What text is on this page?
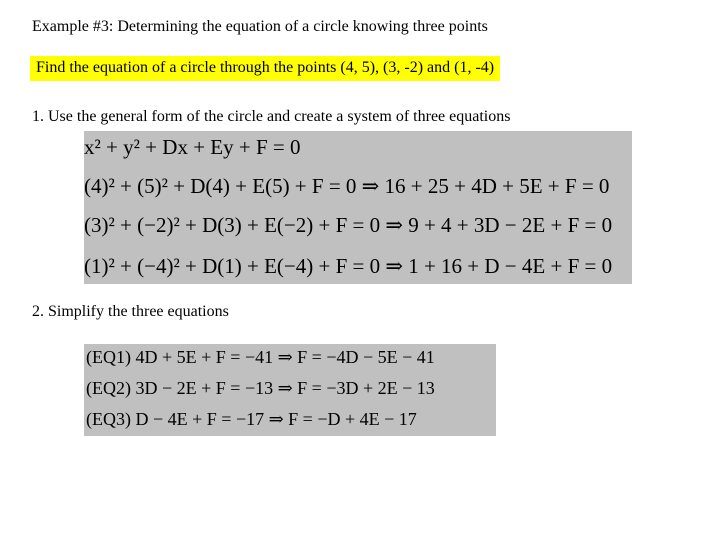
Example #3: Determining the equation of a circle knowing three points
Find the equation of a circle through the points (4, 5), (3, -2) and (1, -4)
1. Use the general form of the circle and create a system of three equations
x² + y² + Dx + Ey + F = 0
(4)² + (5)² + D(4) + E(5) + F = 0 ⇒ 16 + 25 + 4D + 5E + F = 0
(3)² + (−2)² + D(3) + E(−2) + F = 0 ⇒ 9 + 4 + 3D − 2E + F = 0
(1)² + (−4)² + D(1) + E(−4) + F = 0 ⇒ 1 + 16 + D − 4E + F = 0
2. Simplify the three equations
(EQ1) 4D + 5E + F = −41 ⇒ F = −4D − 5E − 41
(EQ2) 3D − 2E + F = −13 ⇒ F = −3D + 2E − 13
(EQ3) D − 4E + F = −17 ⇒ F = −D + 4E − 17
